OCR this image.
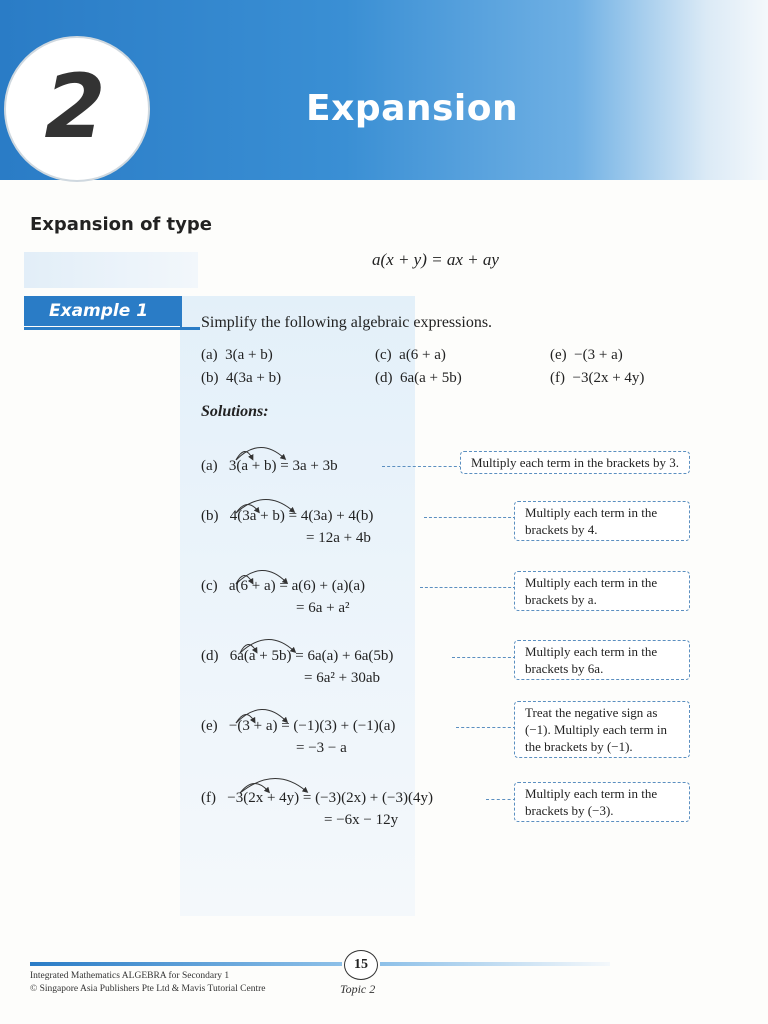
2	Expansion
Expansion of type
a(x + y) = ax + ay
Example 1
Simplify the following algebraic expressions.
(a) 3(a + b)
(b) 4(3a + b)
(c) a(6 + a)
(d) 6a(a + 5b)
(e) −(3 + a)
(f) −3(2x + 4y)
Solutions:
(a) 3(a + b) = 3a + 3b	Multiply each term in the brackets by 3.
(b) 4(3a + b) = 4(3a) + 4(b)
= 12a + 4b
Multiply each term in the brackets by 4.
(c) a(6 + a) = a(6) + (a)(a)
= 6a + a²
Multiply each term in the brackets by a.
(d) 6a(a + 5b) = 6a(a) + 6a(5b)
= 6a² + 30ab
Multiply each term in the brackets by 6a.
(e) −(3 + a) = (−1)(3) + (−1)(a)
= −3 − a
Treat the negative sign as (−1). Multiply each term in the brackets by (−1).
(f) −3(2x + 4y) = (−3)(2x) + (−3)(4y)
= −6x − 12y
Multiply each term in the brackets by (−3).
15
Integrated Mathematics ALGEBRA for Secondary 1
© Singapore Asia Publishers Pte Ltd & Mavis Tutorial Centre	Topic 2
